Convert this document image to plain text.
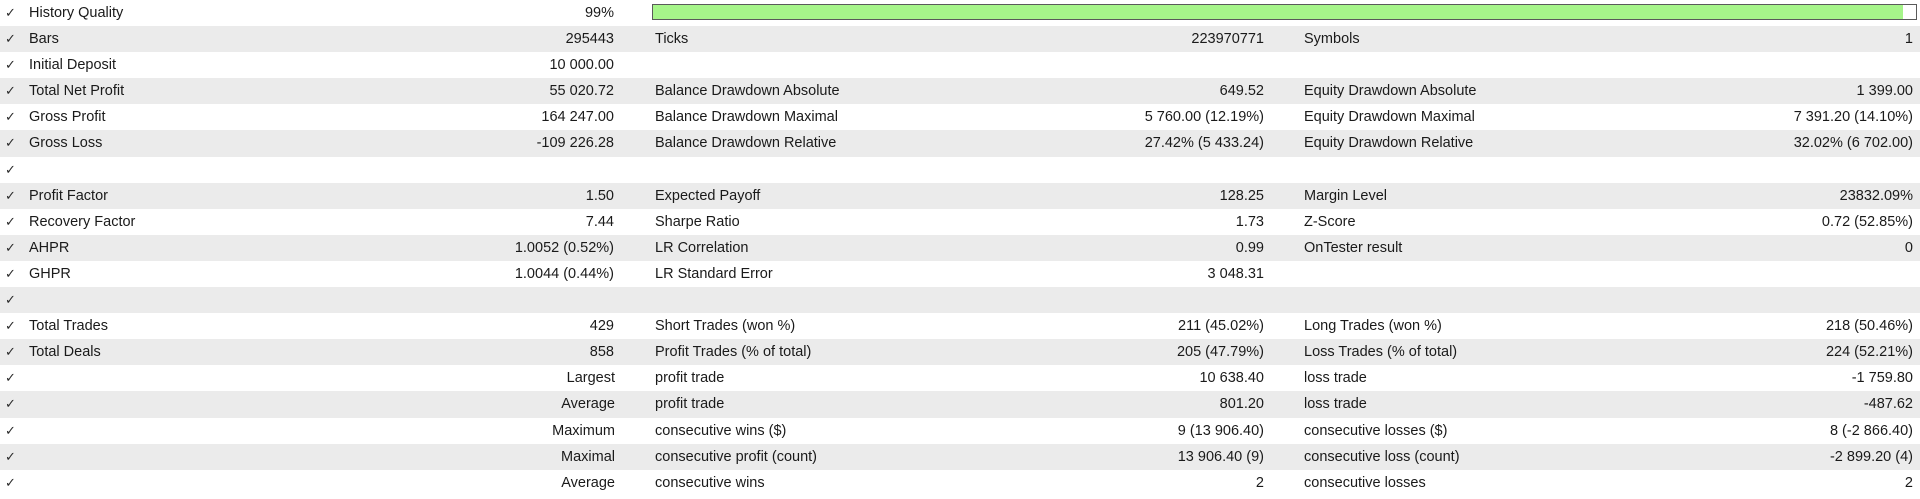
✓ History Quality	99%
✓ Bars	295443	Ticks	223970771	Symbols	1
✓ Initial Deposit	10 000.00
✓ Total Net Profit	55 020.72	Balance Drawdown Absolute	649.52	Equity Drawdown Absolute	1 399.00
✓ Gross Profit	164 247.00	Balance Drawdown Maximal	5 760.00 (12.19%)	Equity Drawdown Maximal	7 391.20 (14.10%)
✓ Gross Loss	-109 226.28	Balance Drawdown Relative	27.42% (5 433.24)	Equity Drawdown Relative	32.02% (6 702.00)
✓
✓ Profit Factor	1.50	Expected Payoff	128.25	Margin Level	23832.09%
✓ Recovery Factor	7.44	Sharpe Ratio	1.73	Z-Score	0.72 (52.85%)
✓ AHPR	1.0052 (0.52%)	LR Correlation	0.99	OnTester result	0
✓ GHPR	1.0044 (0.44%)	LR Standard Error	3 048.31
✓
✓ Total Trades	429	Short Trades (won %)	211 (45.02%)	Long Trades (won %)	218 (50.46%)
✓ Total Deals	858	Profit Trades (% of total)	205 (47.79%)	Loss Trades (% of total)	224 (52.21%)
✓	Largest	profit trade	10 638.40	loss trade	-1 759.80
✓	Average	profit trade	801.20	loss trade	-487.62
✓	Maximum	consecutive wins ($)	9 (13 906.40)	consecutive losses ($)	8 (-2 866.40)
✓	Maximal	consecutive profit (count)	13 906.40 (9)	consecutive loss (count)	-2 899.20 (4)
✓	Average	consecutive wins	2	consecutive losses	2
